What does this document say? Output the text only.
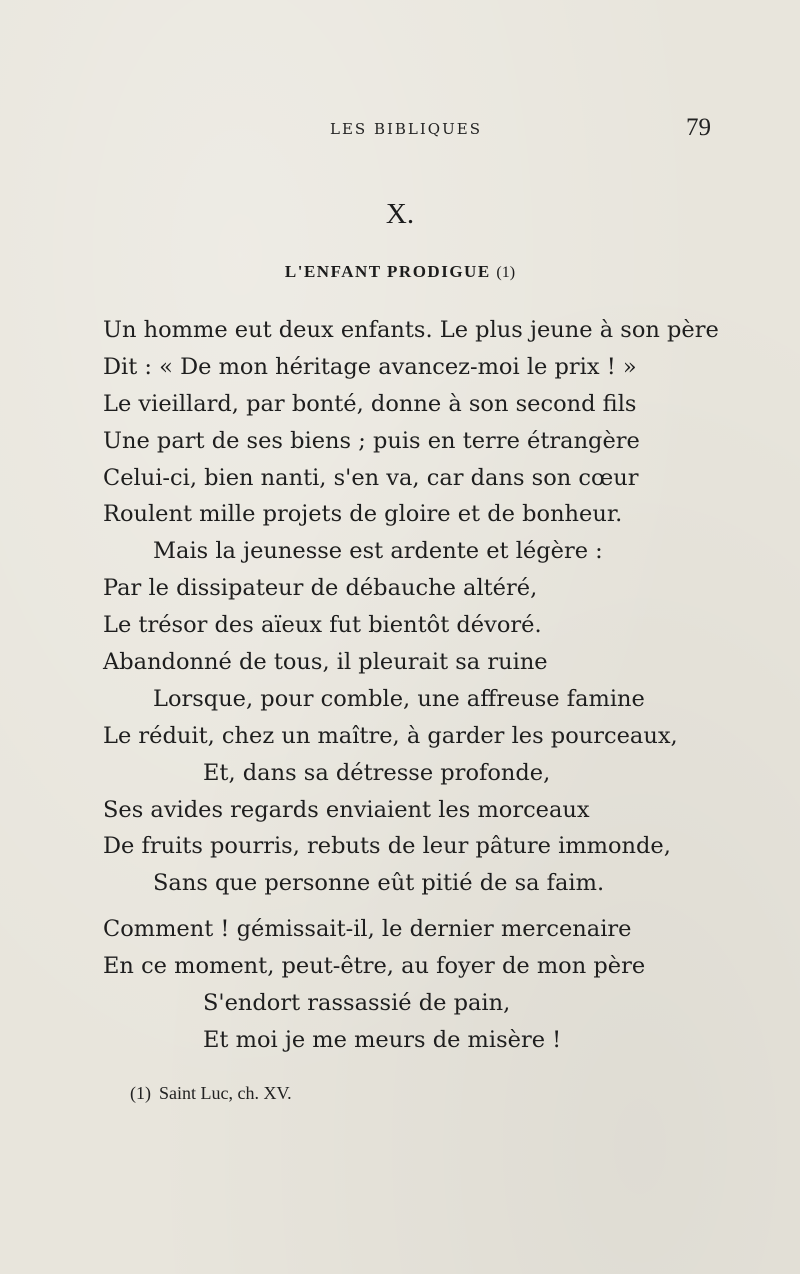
LES BIBLIQUES	79
X.
L'ENFANT PRODIGUE (1)
Un homme eut deux enfants. Le plus jeune à son père
Dit : « De mon héritage avancez-moi le prix ! »
Le vieillard, par bonté, donne à son second fils
Une part de ses biens ; puis en terre étrangère
Celui-ci, bien nanti, s'en va, car dans son cœur
Roulent mille projets de gloire et de bonheur.
Mais la jeunesse est ardente et légère :
Par le dissipateur de débauche altéré,
Le trésor des aïeux fut bientôt dévoré.
Abandonné de tous, il pleurait sa ruine
Lorsque, pour comble, une affreuse famine
Le réduit, chez un maître, à garder les pourceaux,
Et, dans sa détresse profonde,
Ses avides regards enviaient les morceaux
De fruits pourris, rebuts de leur pâture immonde,
Sans que personne eût pitié de sa faim.
Comment ! gémissait-il, le dernier mercenaire
En ce moment, peut-être, au foyer de mon père
S'endort rassassié de pain,
Et moi je me meurs de misère !
(1) Saint Luc, ch. XV.
